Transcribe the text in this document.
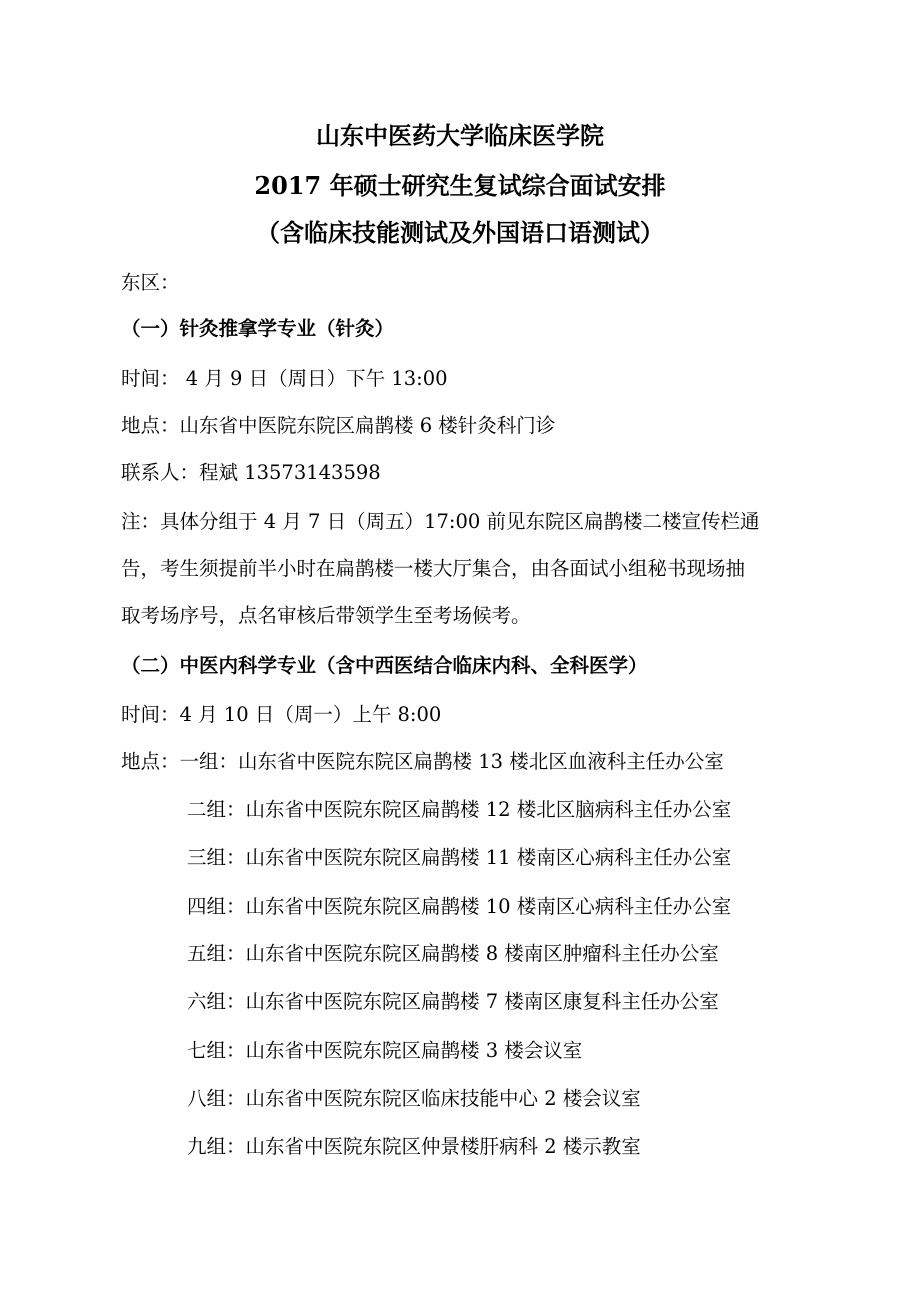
山东中医药大学临床医学院
2017 年硕士研究生复试综合面试安排
（含临床技能测试及外国语口语测试）
东区：
（一）针灸推拿学专业（针灸）
时间： 4 月 9 日（周日）下午 13:00
地点：山东省中医院东院区扁鹊楼 6 楼针灸科门诊
联系人：程斌 13573143598
注：具体分组于 4 月 7 日（周五）17:00 前见东院区扁鹊楼二楼宣传栏通
告，考生须提前半小时在扁鹊楼一楼大厅集合，由各面试小组秘书现场抽
取考场序号，点名审核后带领学生至考场候考。
（二）中医内科学专业（含中西医结合临床内科、全科医学）
时间：4 月 10 日（周一）上午 8:00
地点：一组：山东省中医院东院区扁鹊楼 13 楼北区血液科主任办公室
二组：山东省中医院东院区扁鹊楼 12 楼北区脑病科主任办公室
三组：山东省中医院东院区扁鹊楼 11 楼南区心病科主任办公室
四组：山东省中医院东院区扁鹊楼 10 楼南区心病科主任办公室
五组：山东省中医院东院区扁鹊楼 8 楼南区肿瘤科主任办公室
六组：山东省中医院东院区扁鹊楼 7 楼南区康复科主任办公室
七组：山东省中医院东院区扁鹊楼 3 楼会议室
八组：山东省中医院东院区临床技能中心 2 楼会议室
九组：山东省中医院东院区仲景楼肝病科 2 楼示教室
